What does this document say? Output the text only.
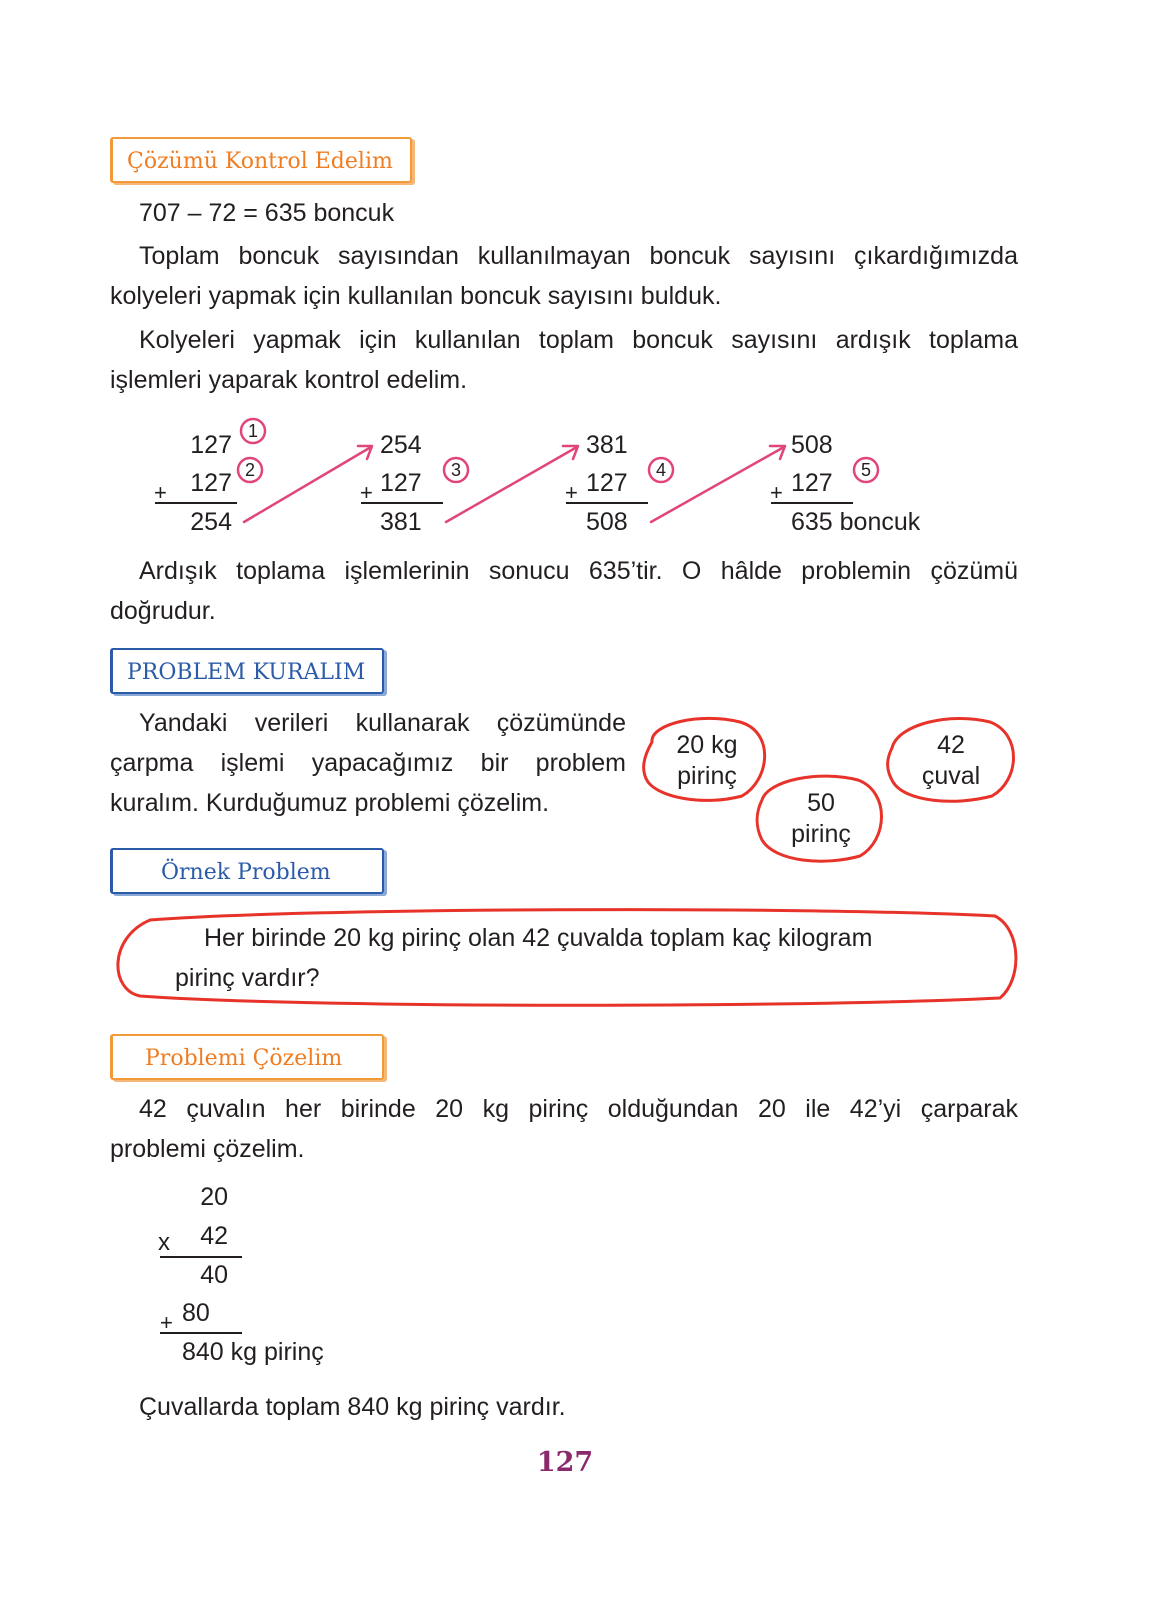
Çözümü Kontrol Edelim
707 – 72 = 635 boncuk
Toplam boncuk sayısından kullanılmayan boncuk sayısını çıkardığımızda
kolyeleri yapmak için kullanılan boncuk sayısını bulduk.
Kolyeleri yapmak için kullanılan toplam boncuk sayısını ardışık toplama
işlemleri yaparak kontrol edelim.
1
2	3	4	5
127
+ 127
254
254
+ 127
381
381
+ 127
508
508
+ 127
635 boncuk
Ardışık toplama işlemlerinin sonucu 635’tir. O hâlde problemin çözümü
doğrudur.
PROBLEM KURALIM
Yandaki verileri kullanarak çözümünde
çarpma işlemi yapacağımız bir problem
kuralım. Kurduğumuz problemi çözelim.
20 kg
pirinç
50
pirinç
42
çuval
Örnek Problem
Her birinde 20 kg pirinç olan 42 çuvalda toplam kaç kilogram
pirinç vardır?
Problemi Çözelim
42 çuvalın her birinde 20 kg pirinç olduğundan 20 ile 42’yi çarparak
problemi çözelim.
20
x	42
40
+ 80
840 kg pirinç
Çuvallarda toplam 840 kg pirinç vardır.
127
